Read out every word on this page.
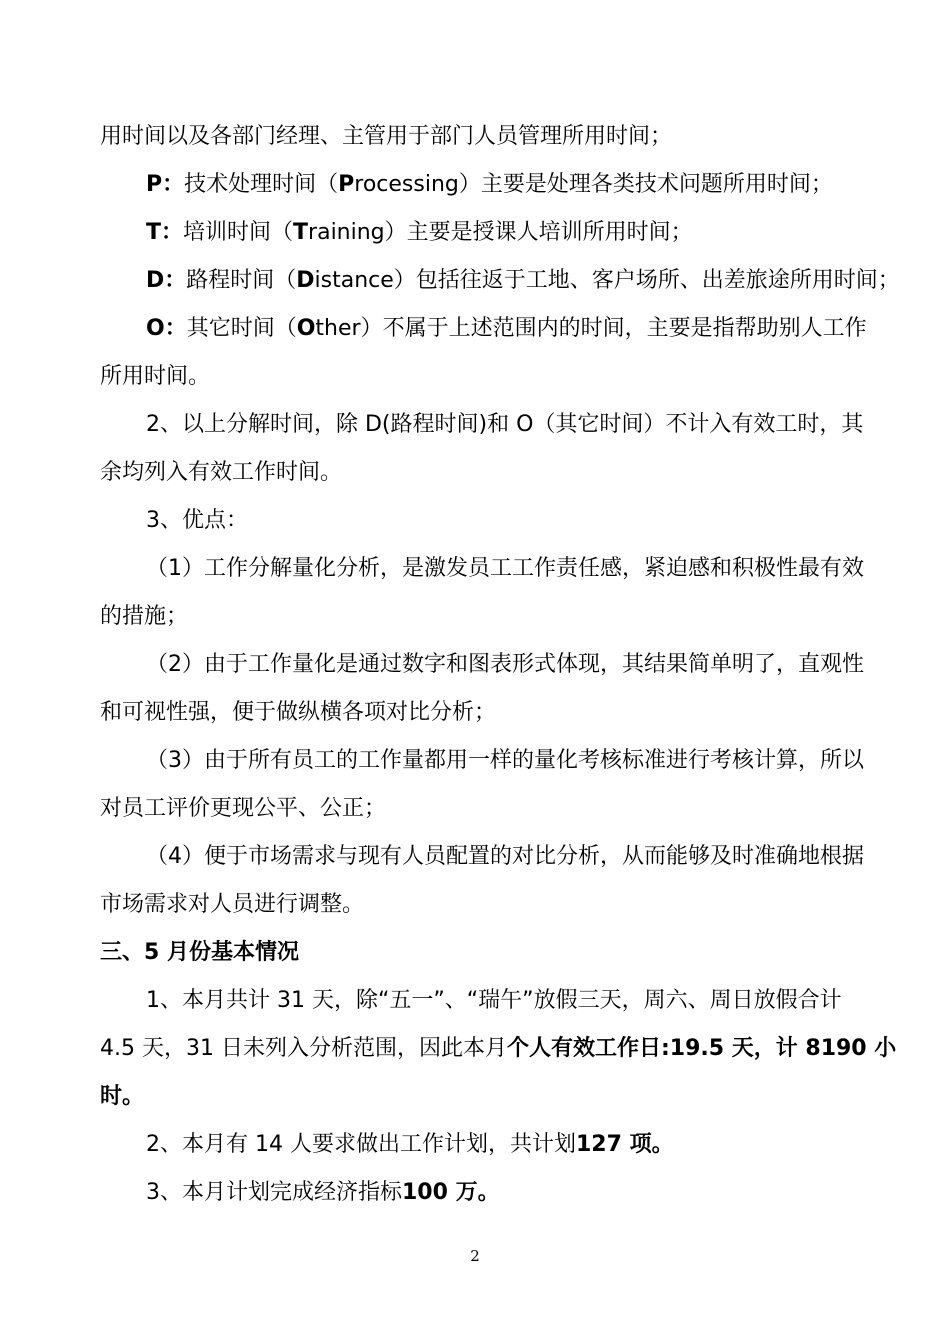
用时间以及各部门经理、主管用于部门人员管理所用时间；
P：技术处理时间（Processing）主要是处理各类技术问题所用时间；
T：培训时间（Training）主要是授课人培训所用时间；
D：路程时间（Distance）包括往返于工地、客户场所、出差旅途所用时间；
O：其它时间（Other）不属于上述范围内的时间，主要是指帮助别人工作
所用时间。
2、以上分解时间，除 D(路程时间)和 O（其它时间）不计入有效工时，其
余均列入有效工作时间。
3、优点：
（1）工作分解量化分析，是激发员工工作责任感，紧迫感和积极性最有效
的措施；
（2）由于工作量化是通过数字和图表形式体现，其结果简单明了，直观性
和可视性强，便于做纵横各项对比分析；
（3）由于所有员工的工作量都用一样的量化考核标准进行考核计算，所以
对员工评价更现公平、公正；
（4）便于市场需求与现有人员配置的对比分析，从而能够及时准确地根据
市场需求对人员进行调整。
三、5 月份基本情况
1、本月共计 31 天，除“五一”、“瑞午”放假三天，周六、周日放假合计
4.5 天，31 日未列入分析范围，因此本月个人有效工作日:19.5 天，计 8190 小
时。
2、本月有 14 人要求做出工作计划，共计划127 项。
3、本月计划完成经济指标100 万。
2
